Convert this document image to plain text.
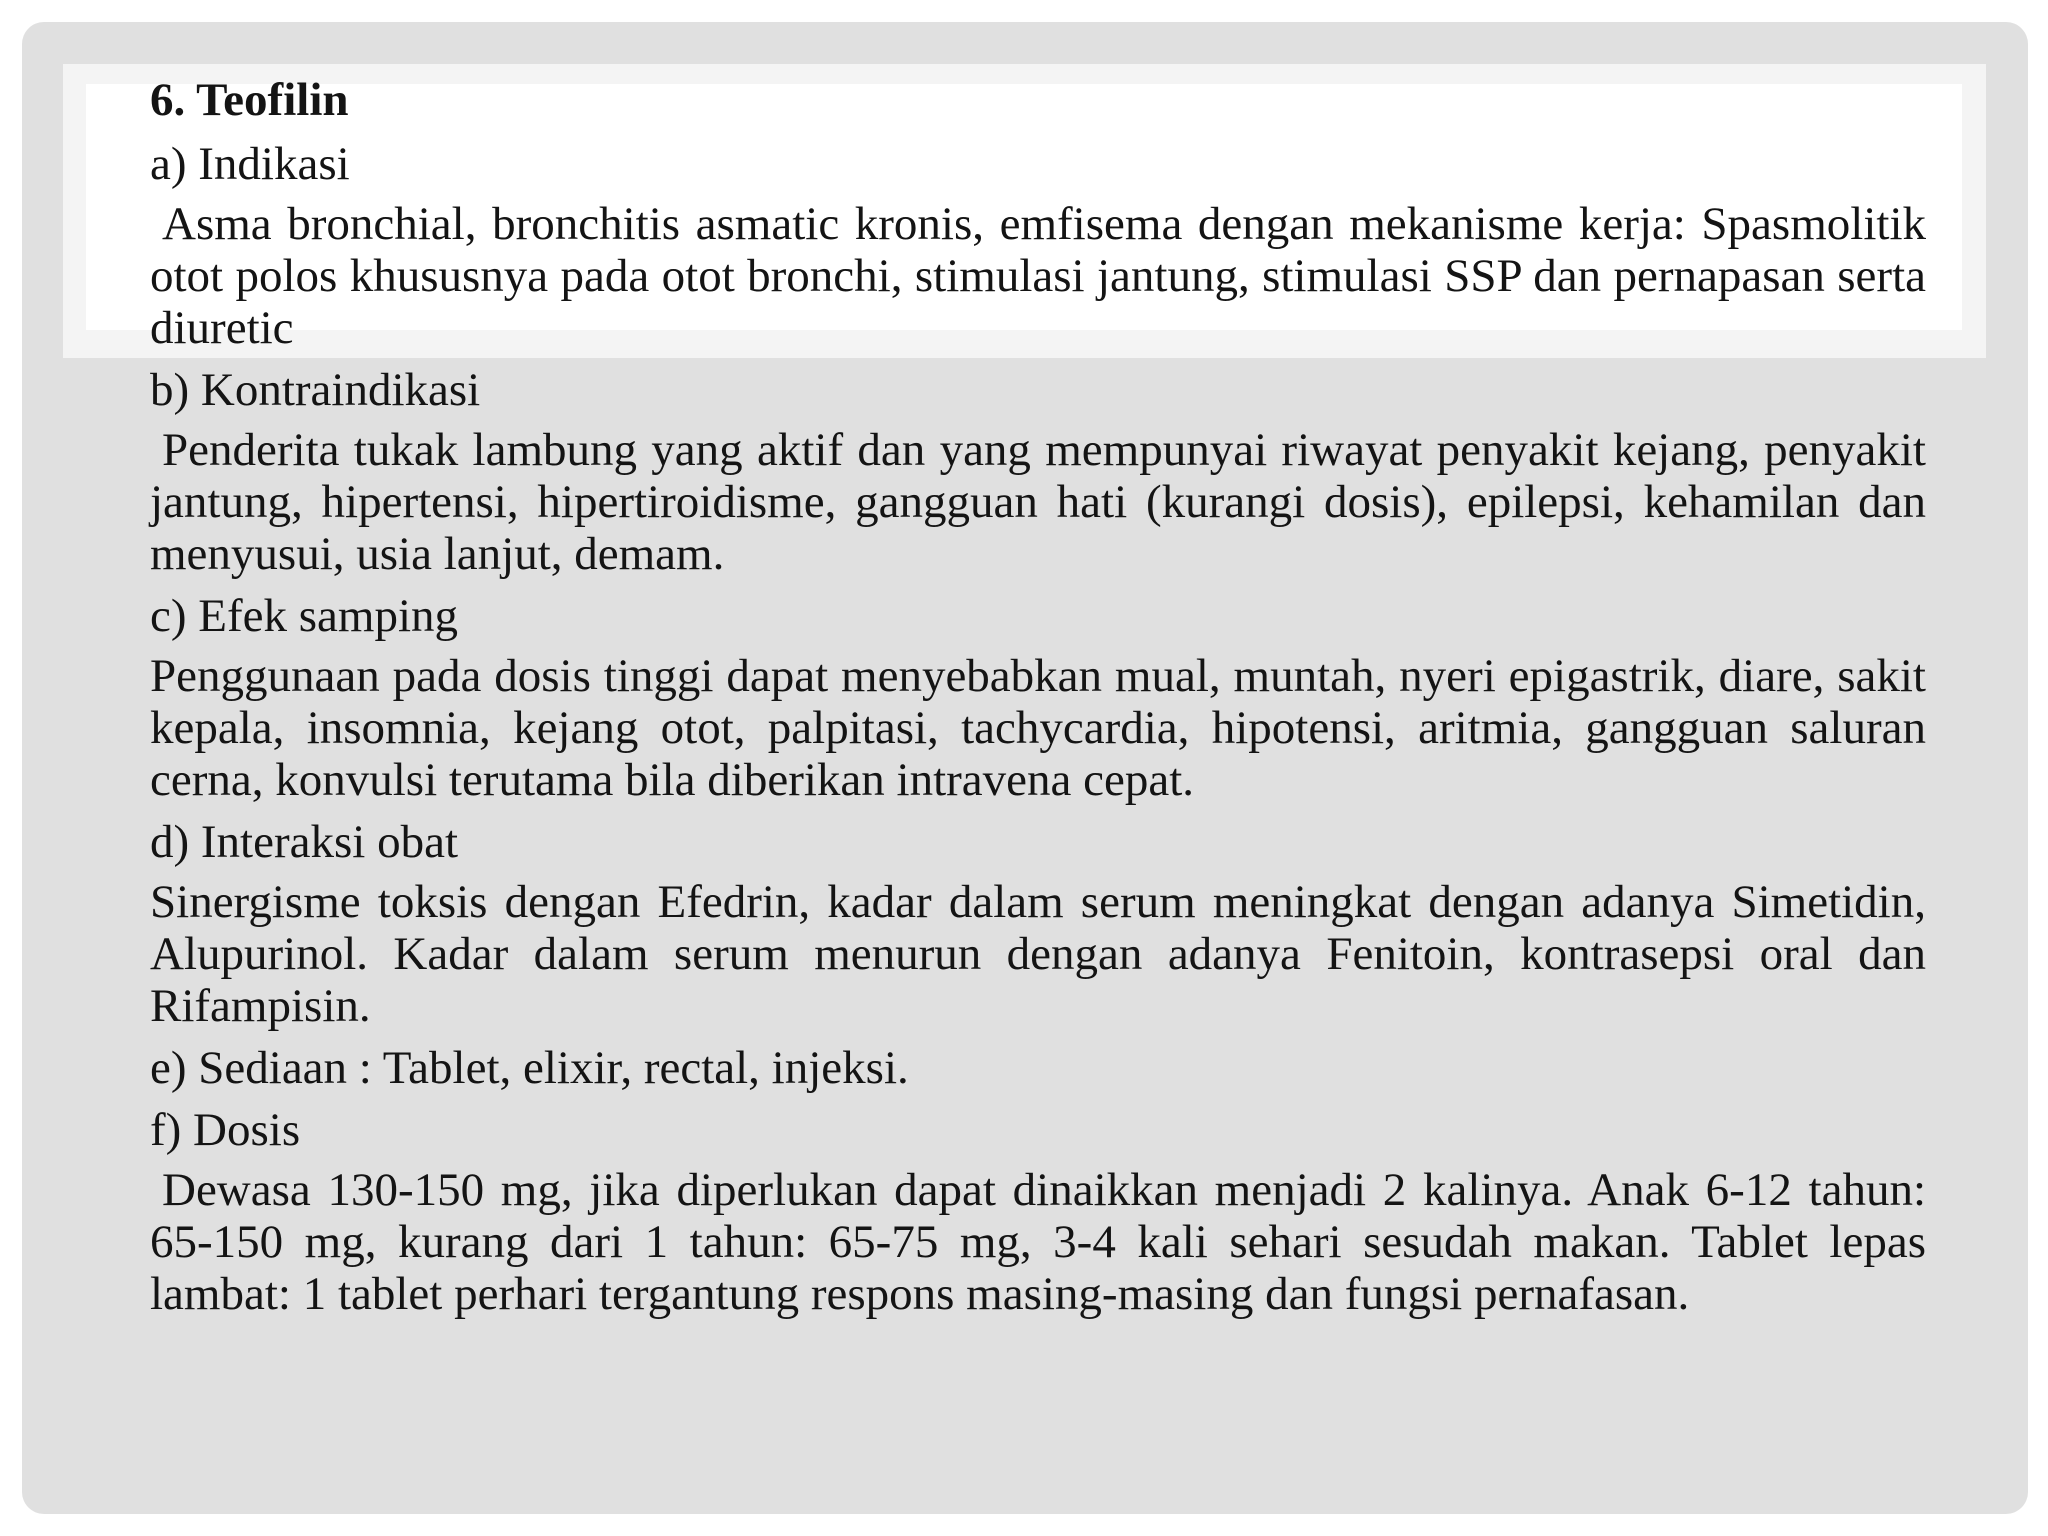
6. Teofilin
a) Indikasi
Asma bronchial, bronchitis asmatic kronis, emfisema dengan mekanisme kerja: Spasmolitik otot polos khususnya pada otot bronchi, stimulasi jantung, stimulasi SSP dan pernapasan serta diuretic
b) Kontraindikasi
Penderita tukak lambung yang aktif dan yang mempunyai riwayat penyakit kejang, penyakit jantung, hipertensi, hipertiroidisme, gangguan hati (kurangi dosis), epilepsi, kehamilan dan menyusui, usia lanjut, demam.
c) Efek samping
Penggunaan pada dosis tinggi dapat menyebabkan mual, muntah, nyeri epigastrik, diare, sakit kepala, insomnia, kejang otot, palpitasi, tachycardia, hipotensi, aritmia, gangguan saluran cerna, konvulsi terutama bila diberikan intravena cepat.
d) Interaksi obat
Sinergisme toksis dengan Efedrin, kadar dalam serum meningkat dengan adanya Simetidin, Alupurinol. Kadar dalam serum menurun dengan adanya Fenitoin, kontrasepsi oral dan Rifampisin.
e) Sediaan : Tablet, elixir, rectal, injeksi.
f) Dosis
Dewasa 130-150 mg, jika diperlukan dapat dinaikkan menjadi 2 kalinya. Anak 6-12 tahun: 65-150 mg, kurang dari 1 tahun: 65-75 mg, 3-4 kali sehari sesudah makan. Tablet lepas lambat: 1 tablet perhari tergantung respons masing-masing dan fungsi pernafasan.
